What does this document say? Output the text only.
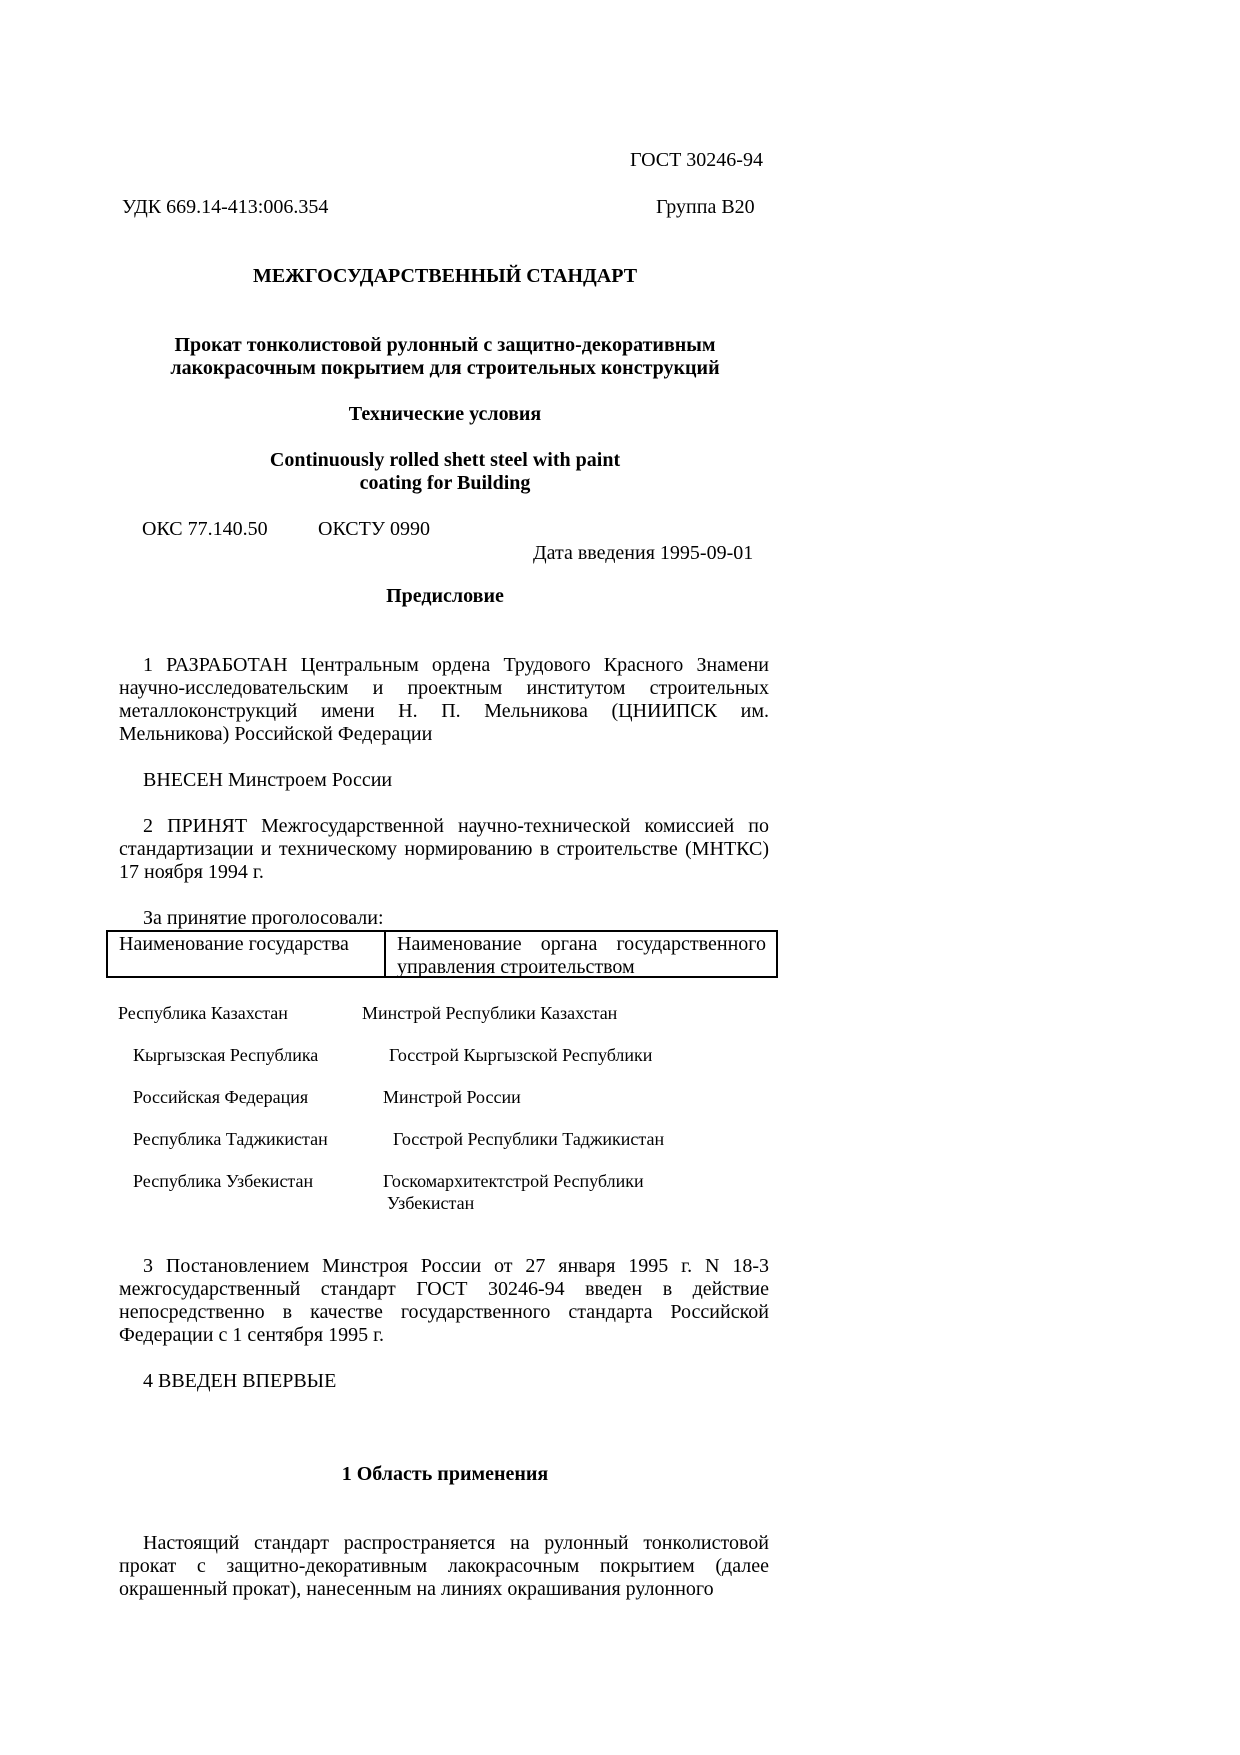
ГОСТ 30246-94
УДК 669.14-413:006.354	Группа В20
МЕЖГОСУДАРСТВЕННЫЙ СТАНДАРТ
Прокат тонколистовой рулонный с защитно-декоративным
лакокрасочным покрытием для строительных конструкций
Технические условия
Continuously rolled shett steel with paint
coating for Building
ОКС 77.140.50	ОКСТУ 0990
Дата введения 1995-09-01
Предисловие

1 РАЗРАБОТАН Центральным ордена Трудового Красного Знамени научно-исследовательским и проектным институтом строительных металлоконструкций имени Н. П. Мельникова (ЦНИИПСК им. Мельникова) Российской Федерации

ВНЕСЕН Минстроем России

2 ПРИНЯТ Межгосударственной научно-технической комиссией по стандартизации и техническому нормированию в строительстве (МНТКС) 17 ноября 1994 г.

За принятие проголосовали:

Наименование государства	Наименование органа государственного управления строительством
Республика Казахстан	Минстрой Республики Казахстан
Кыргызская Республика	Госстрой Кыргызской Республики
Российская Федерация	Минстрой России
Республика Таджикистан	Госстрой Республики Таджикистан
Республика Узбекистан	Госкомархитектстрой Республики
Узбекистан

3 Постановлением Минстроя России от 27 января 1995 г. N 18-3 межгосударственный стандарт ГОСТ 30246-94 введен в действие непосредственно в качестве государственного стандарта Российской Федерации с 1 сентября 1995 г.

4 ВВЕДЕН ВПЕРВЫЕ

1 Область применения

Настоящий стандарт распространяется на рулонный тонколистовой прокат с защитно-декоративным лакокрасочным покрытием (далее окрашенный прокат), нанесенным на линиях окрашивания рулонного
